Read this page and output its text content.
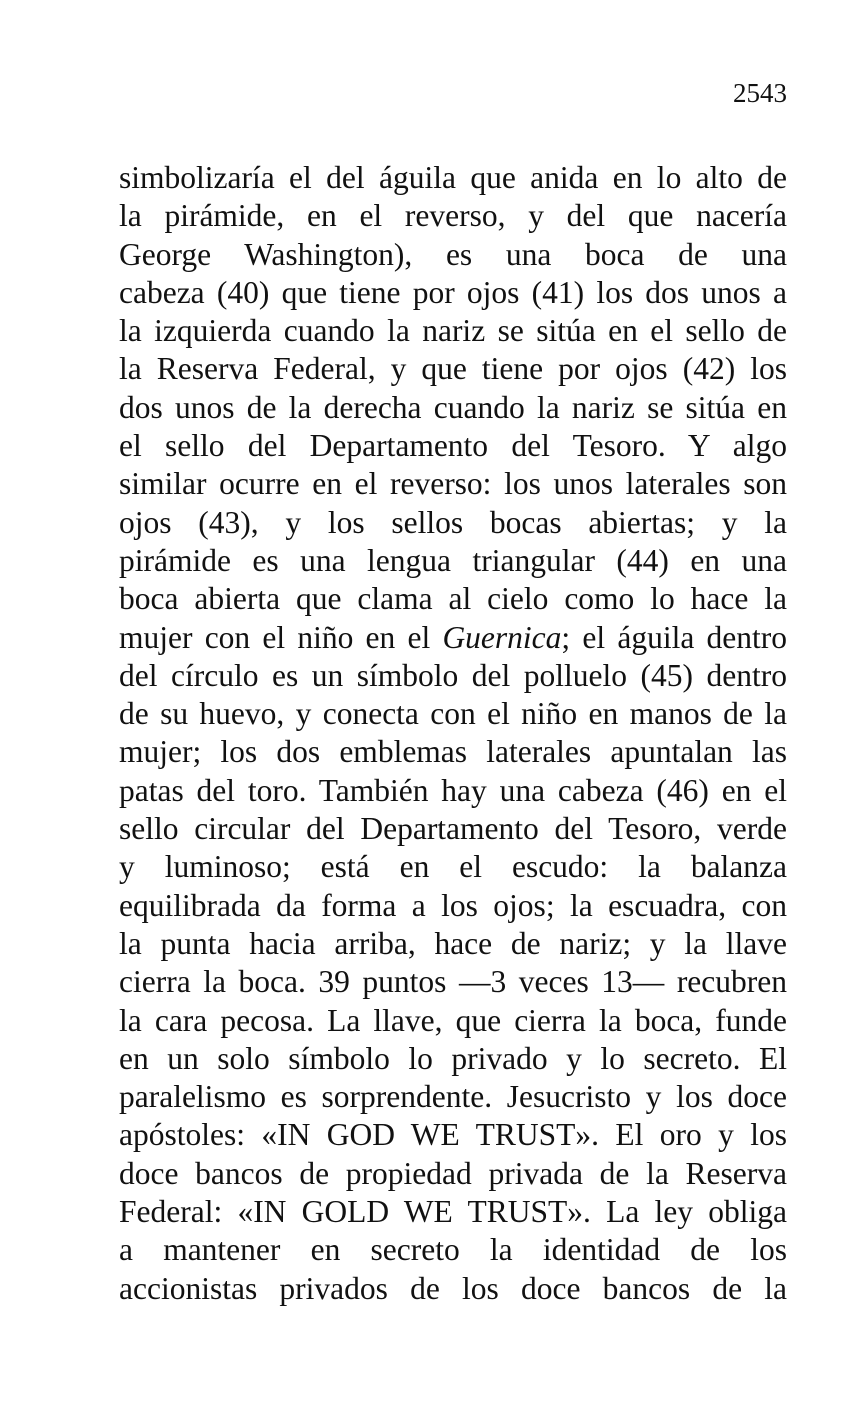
2543
simbolizaría el del águila que anida en lo alto de
la pirámide, en el reverso, y del que nacería
George Washington), es una boca de una
cabeza (40) que tiene por ojos (41) los dos unos a
la izquierda cuando la nariz se sitúa en el sello de
la Reserva Federal, y que tiene por ojos (42) los
dos unos de la derecha cuando la nariz se sitúa en
el sello del Departamento del Tesoro. Y algo
similar ocurre en el reverso: los unos laterales son
ojos (43), y los sellos bocas abiertas; y la
pirámide es una lengua triangular (44) en una
boca abierta que clama al cielo como lo hace la
mujer con el niño en el Guernica; el águila dentro
del círculo es un símbolo del polluelo (45) dentro
de su huevo, y conecta con el niño en manos de la
mujer; los dos emblemas laterales apuntalan las
patas del toro. También hay una cabeza (46) en el
sello circular del Departamento del Tesoro, verde
y luminoso; está en el escudo: la balanza
equilibrada da forma a los ojos; la escuadra, con
la punta hacia arriba, hace de nariz; y la llave
cierra la boca. 39 puntos —3 veces 13— recubren
la cara pecosa. La llave, que cierra la boca, funde
en un solo símbolo lo privado y lo secreto. El
paralelismo es sorprendente. Jesucristo y los doce
apóstoles: «IN GOD WE TRUST». El oro y los
doce bancos de propiedad privada de la Reserva
Federal: «IN GOLD WE TRUST». La ley obliga
a mantener en secreto la identidad de los
accionistas privados de los doce bancos de la
